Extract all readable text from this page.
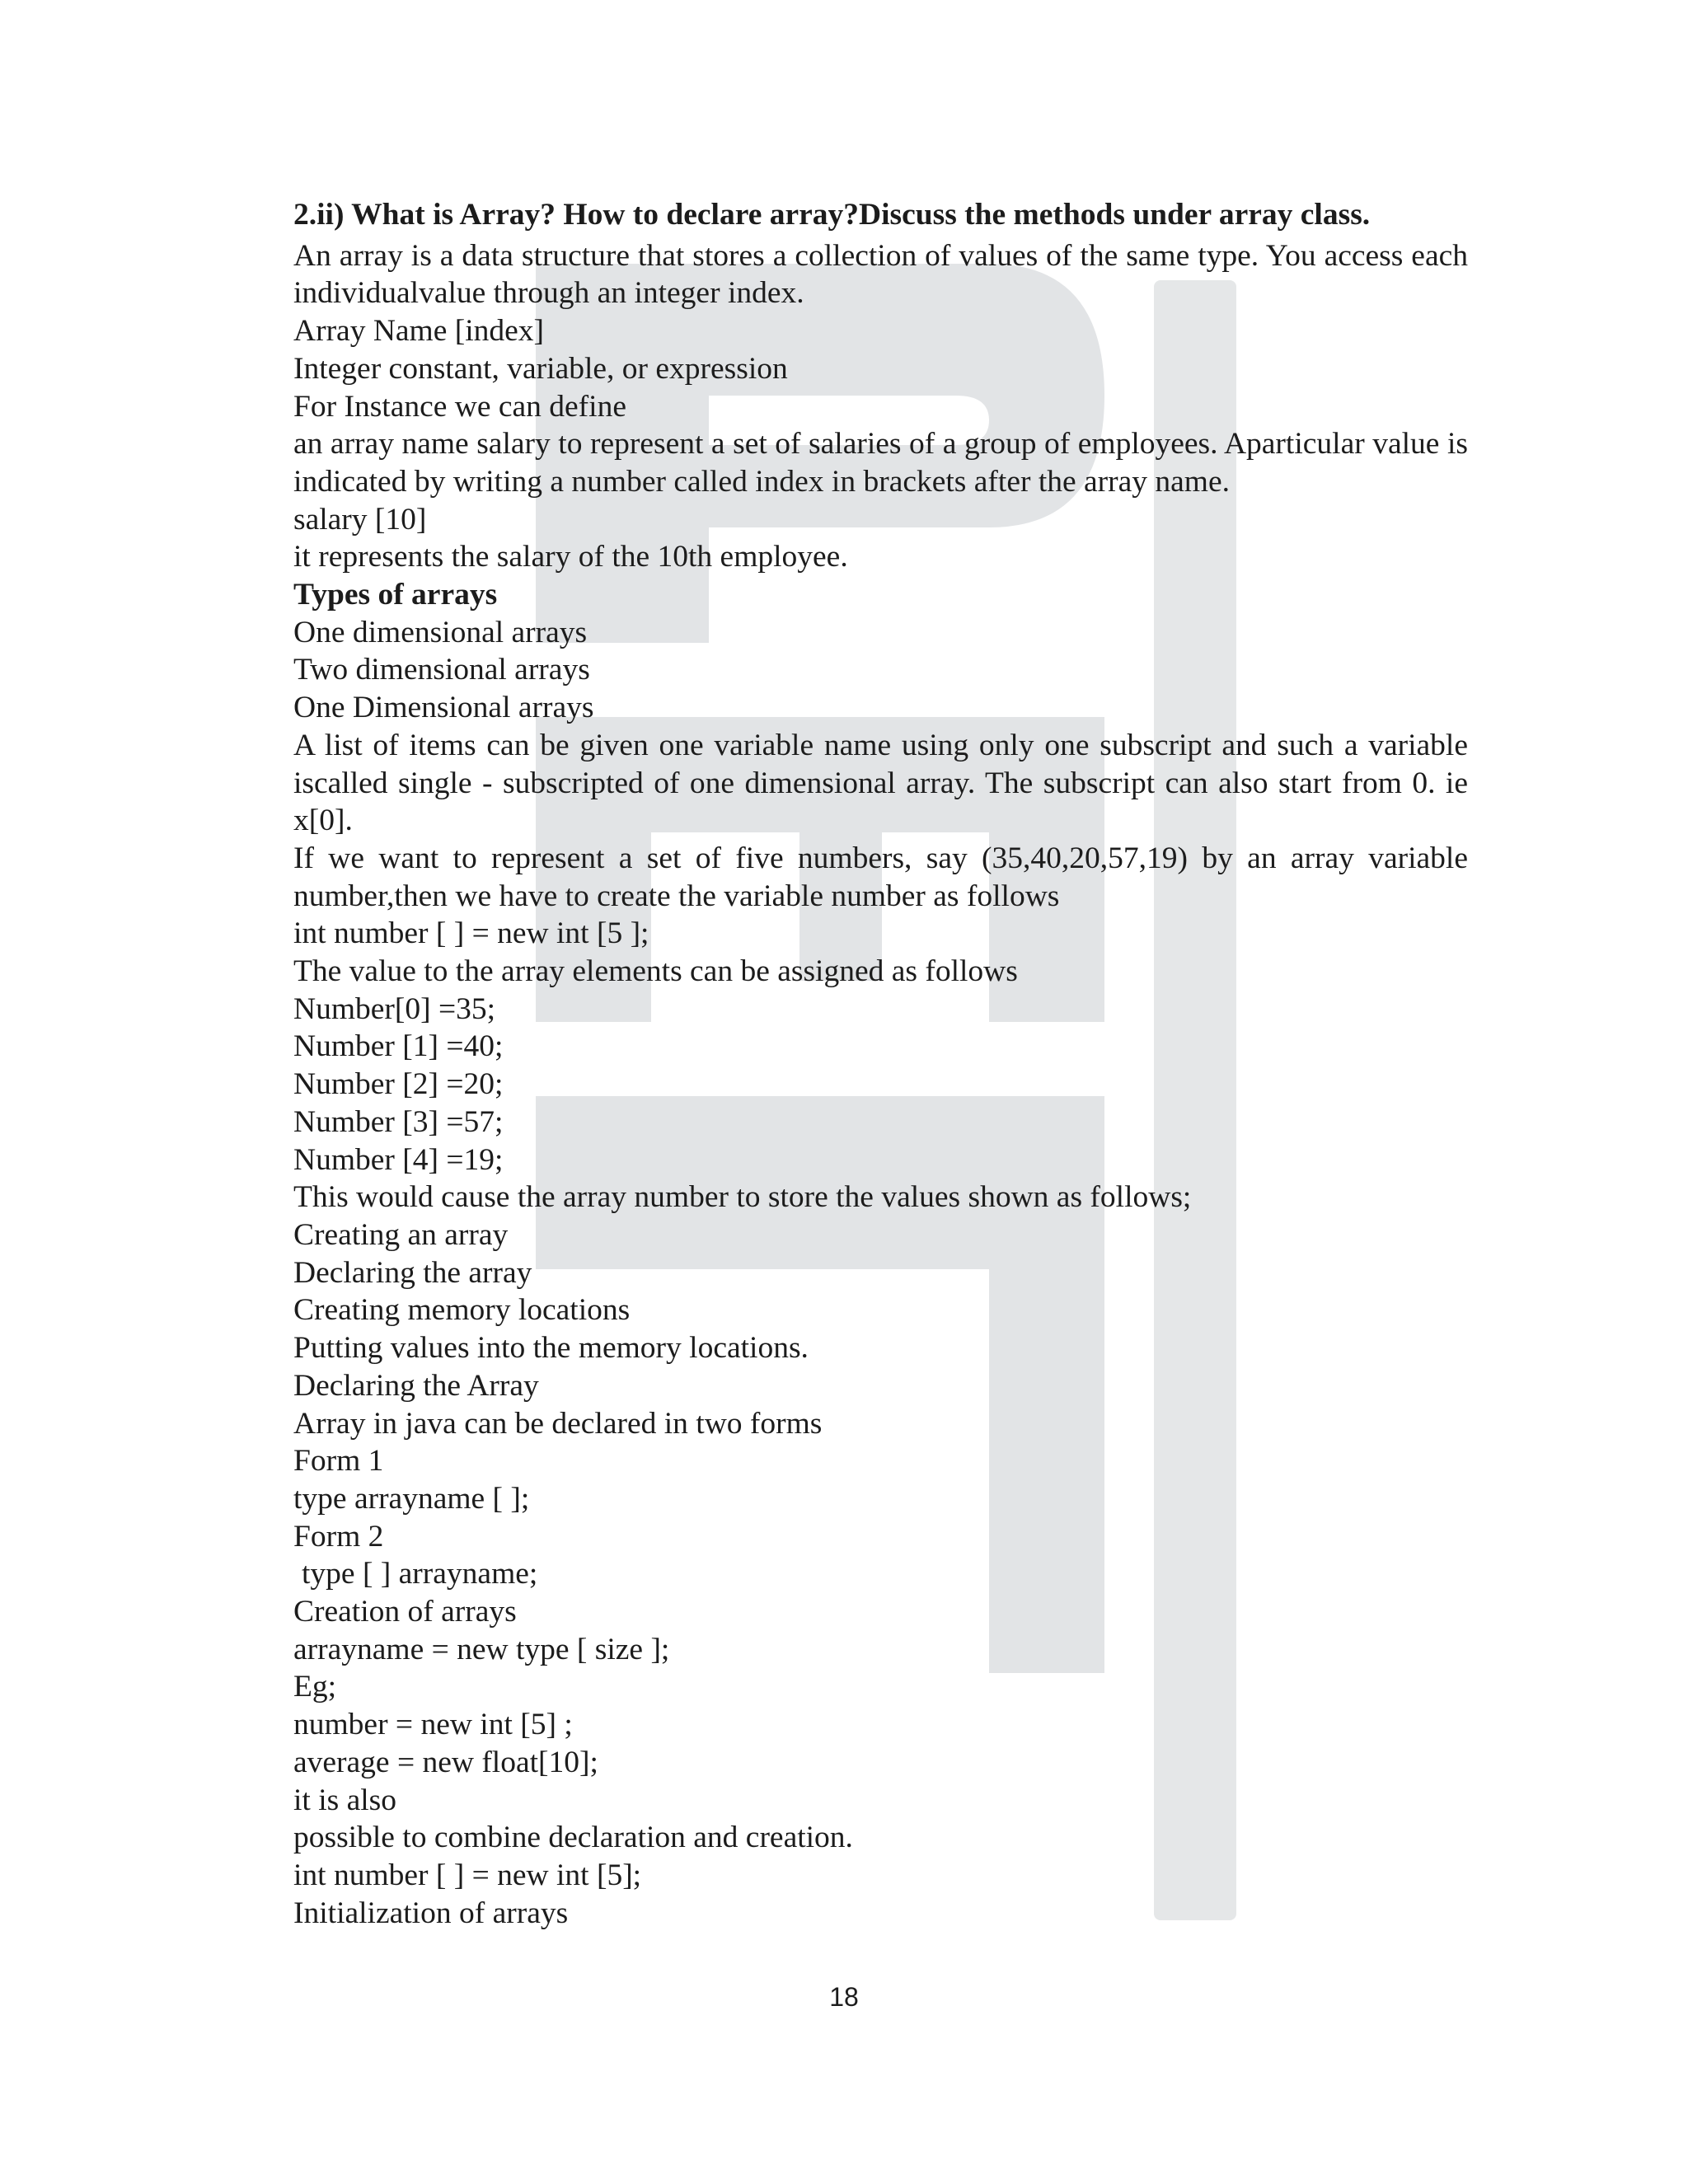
2.ii) What is Array? How to declare array?Discuss the methods under array class.

An array is a data structure that stores a collection of values of the same type. You access each individualvalue through an integer index.

Array Name [index]

Integer constant, variable, or expression

For Instance we can define

an array name salary to represent a set of salaries of a group of employees. Aparticular value is indicated by writing a number called index in brackets after the array name.

salary [10]

it represents the salary of the 10th employee.

Types of arrays

One dimensional arrays

Two dimensional arrays

One Dimensional arrays

A list of items can be given one variable name using only one subscript and such a variable iscalled single - subscripted of one dimensional array. The subscript can also start from 0. ie x[0].

If we want to represent a set of five numbers, say (35,40,20,57,19) by an array variable number,then we have to create the variable number as follows

int number [ ] = new int [5 ];

The value to the array elements can be assigned as follows

Number[0] =35;

Number [1] =40;

Number [2] =20;

Number [3] =57;

Number [4] =19;

This would cause the array number to store the values shown as follows;

Creating an array

Declaring the array

Creating memory locations

Putting values into the memory locations.

Declaring the Array

Array in java can be declared in two forms

Form 1

type arrayname [ ];

Form 2

type [ ] arrayname;

Creation of arrays

arrayname = new type [ size ];

Eg;

number = new int [5] ;

average = new float[10];

it is also

possible to combine declaration and creation.

int number [ ] = new int [5];

Initialization of arrays

18
